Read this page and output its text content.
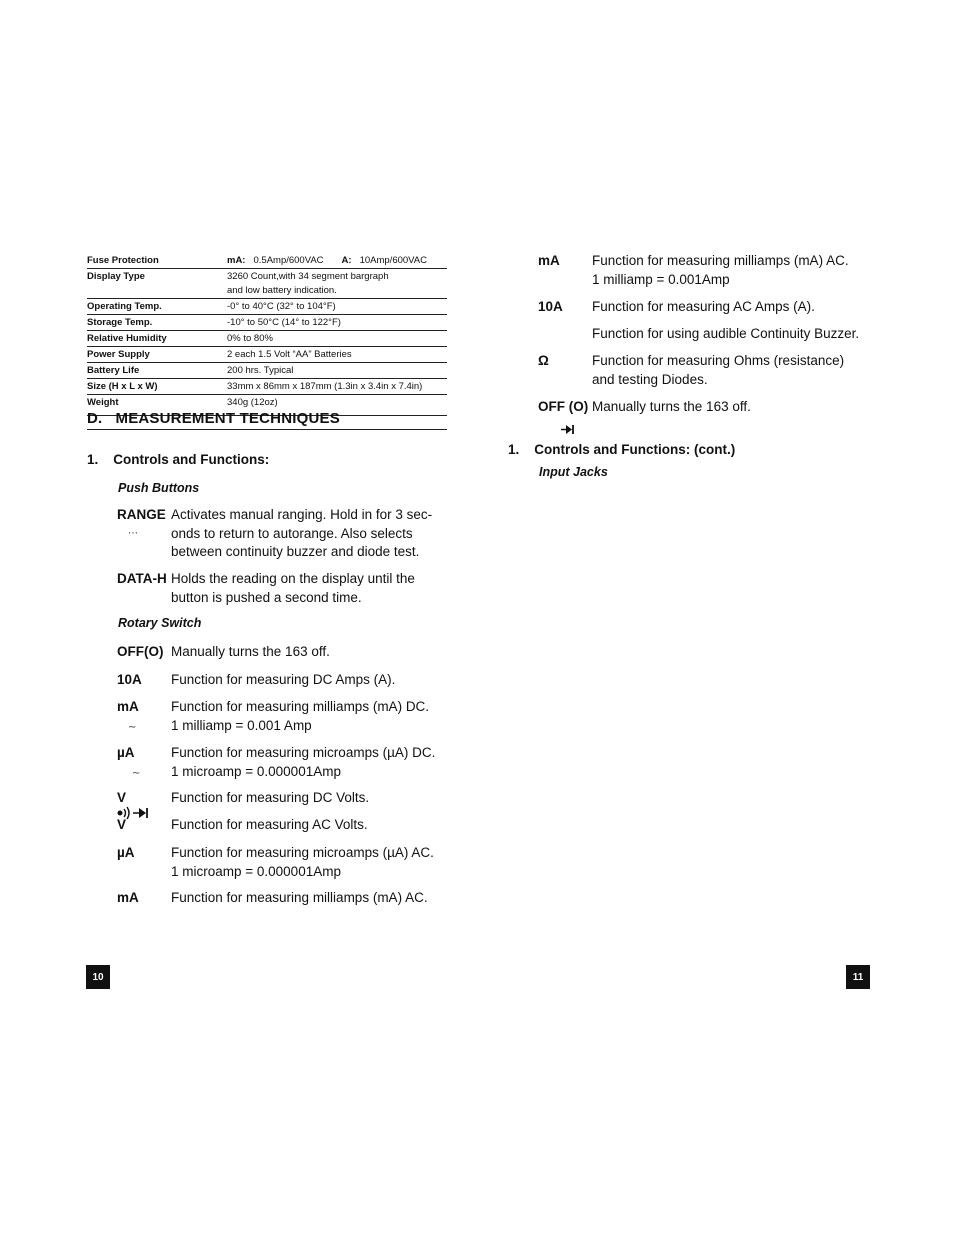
Fuse Protection	mA: 0.5Amp/600VAC A: 10Amp/600VAC
Display Type	3260 Count,with 34 segment bargraph
and low battery indication.
Operating Temp.	-0° to 40°C (32° to 104°F)
Storage Temp.	-10° to 50°C (14° to 122°F)
Relative Humidity	0% to 80%
Power Supply	2 each 1.5 Volt “AA” Batteries
Battery Life	200 hrs. Typical
Size (H x L x W)	33mm x 86mm x 187mm (1.3in x 3.4in x 7.4in)
Weight	340g (12oz)
D.   MEASUREMENT TECHNIQUES
1.    Controls and Functions:
Push Buttons
RANGE Activates manual ranging. Hold in for 3 sec-
onds to return to autorange. Also selects
between continuity buzzer and diode test.
⋯
DATA-H Holds the reading on the display until the
button is pushed a second time.
Rotary Switch
OFF(O) Manually turns the 163 off.
10A	Function for measuring DC Amps (A).
mA	Function for measuring milliamps (mA) DC.
1 milliamp = 0.001 Amp
∼
µA	Function for measuring microamps (µA) DC.
1 microamp = 0.000001Amp
∼
V	Function for measuring DC Volts.
V	Function for measuring AC Volts.
µA	Function for measuring microamps (µA) AC.
1 microamp = 0.000001Amp
mA	Function for measuring milliamps (mA) AC.
mA	Function for measuring milliamps (mA) AC.
1 milliamp = 0.001Amp
10A	Function for measuring AC Amps (A).
Function for using audible Continuity Buzzer.
Ω	Function for measuring Ohms (resistance)
and testing Diodes.
OFF (O) Manually turns the 163 off.
1.    Controls and Functions: (cont.)
Input Jacks
10	11
